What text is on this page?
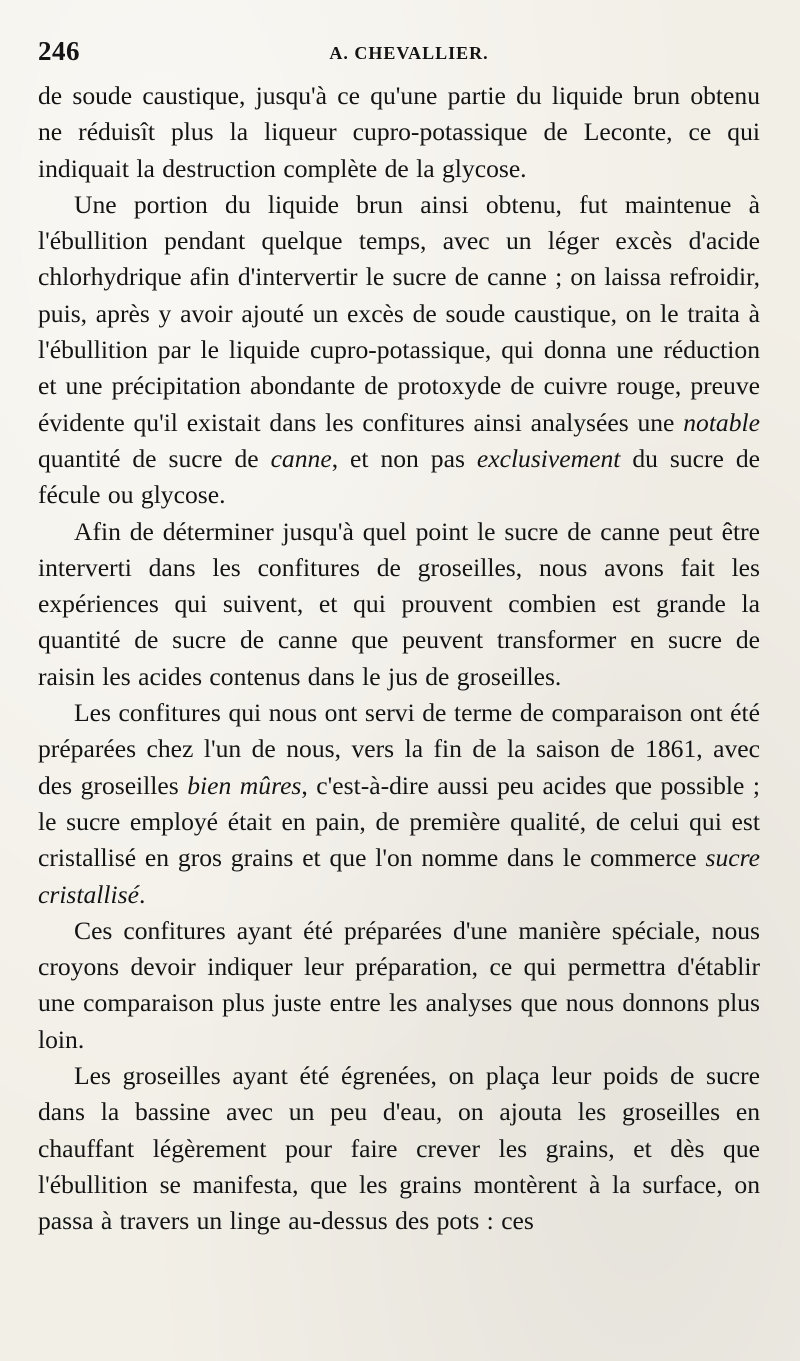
246	A. CHEVALLIER.

de soude caustique, jusqu'à ce qu'une partie du liquide brun obtenu ne réduisît plus la liqueur cupro-potassique de Leconte, ce qui indiquait la destruction complète de la glycose.

Une portion du liquide brun ainsi obtenu, fut maintenue à l'ébullition pendant quelque temps, avec un léger excès d'acide chlorhydrique afin d'intervertir le sucre de canne ; on laissa refroidir, puis, après y avoir ajouté un excès de soude caustique, on le traita à l'ébullition par le liquide cupro-potassique, qui donna une réduction et une précipitation abondante de protoxyde de cuivre rouge, preuve évidente qu'il existait dans les confitures ainsi analysées une notable quantité de sucre de canne, et non pas exclusivement du sucre de fécule ou glycose.

Afin de déterminer jusqu'à quel point le sucre de canne peut être interverti dans les confitures de groseilles, nous avons fait les expériences qui suivent, et qui prouvent combien est grande la quantité de sucre de canne que peuvent transformer en sucre de raisin les acides contenus dans le jus de groseilles.

Les confitures qui nous ont servi de terme de comparaison ont été préparées chez l'un de nous, vers la fin de la saison de 1861, avec des groseilles bien mûres, c'est-à-dire aussi peu acides que possible ; le sucre employé était en pain, de première qualité, de celui qui est cristallisé en gros grains et que l'on nomme dans le commerce sucre cristallisé.

Ces confitures ayant été préparées d'une manière spéciale, nous croyons devoir indiquer leur préparation, ce qui permettra d'établir une comparaison plus juste entre les analyses que nous donnons plus loin.

Les groseilles ayant été égrenées, on plaça leur poids de sucre dans la bassine avec un peu d'eau, on ajouta les groseilles en chauffant légèrement pour faire crever les grains, et dès que l'ébullition se manifesta, que les grains montèrent à la surface, on passa à travers un linge au-dessus des pots : ces
